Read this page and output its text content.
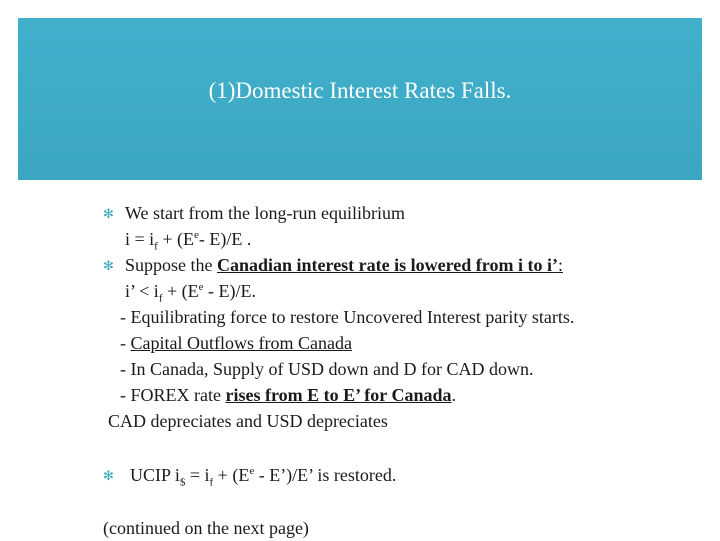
(1)Domestic Interest Rates Falls.
✻ We start from the long-run equilibrium
$i = i_f + (E^e-$ E)/E .
✻ Suppose the Canadian interest rate is lowered from i to i’:
i’ < $i_f + (E^e - E)/E$.
- Equilibrating force to restore Uncovered Interest parity starts.
- Capital Outflows from Canada
- In Canada, Supply of USD down and D for CAD down.
- FOREX rate rises from E to E’ for Canada.
CAD depreciates and USD depreciates
✻ UCIP $i_{\$} = i_f + (E^e$ - E’)/E’ is restored.
(continued on the next page)
